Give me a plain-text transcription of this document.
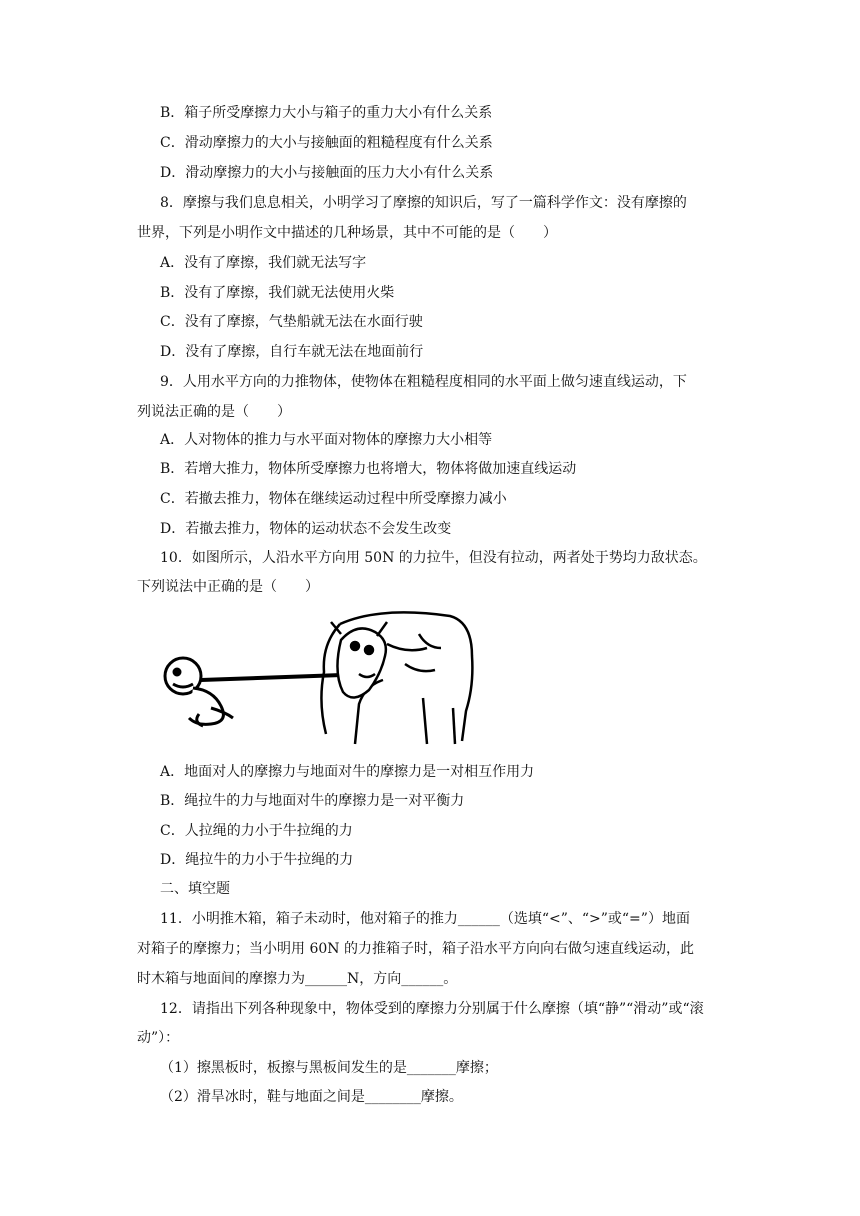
B．箱子所受摩擦力大小与箱子的重力大小有什么关系
C．滑动摩擦力的大小与接触面的粗糙程度有什么关系
D．滑动摩擦力的大小与接触面的压力大小有什么关系
8．摩擦与我们息息相关，小明学习了摩擦的知识后，写了一篇科学作文：没有摩擦的
世界，下列是小明作文中描述的几种场景，其中不可能的是（　　）
A．没有了摩擦，我们就无法写字
B．没有了摩擦，我们就无法使用火柴
C．没有了摩擦，气垫船就无法在水面行驶
D．没有了摩擦，自行车就无法在地面前行
9．人用水平方向的力推物体，使物体在粗糙程度相同的水平面上做匀速直线运动，下
列说法正确的是（　　）
A．人对物体的推力与水平面对物体的摩擦力大小相等
B．若增大推力，物体所受摩擦力也将增大，物体将做加速直线运动
C．若撤去推力，物体在继续运动过程中所受摩擦力减小
D．若撤去推力，物体的运动状态不会发生改变
10．如图所示，人沿水平方向用 50N 的力拉牛，但没有拉动，两者处于势均力敌状态。
下列说法中正确的是（　　）
A．地面对人的摩擦力与地面对牛的摩擦力是一对相互作用力
B．绳拉牛的力与地面对牛的摩擦力是一对平衡力
C．人拉绳的力小于牛拉绳的力
D．绳拉牛的力小于牛拉绳的力
二、填空题
11．小明推木箱，箱子未动时，他对箱子的推力______（选填“<”、“>”或“=”）地面
对箱子的摩擦力；当小明用 60N 的力推箱子时，箱子沿水平方向向右做匀速直线运动，此
时木箱与地面间的摩擦力为______N，方向______。
12．请指出下列各种现象中，物体受到的摩擦力分别属于什么摩擦（填“静”“滑动”或“滚
动”）：
（1）擦黑板时，板擦与黑板间发生的是_______摩擦；
（2）滑旱冰时，鞋与地面之间是________摩擦。
